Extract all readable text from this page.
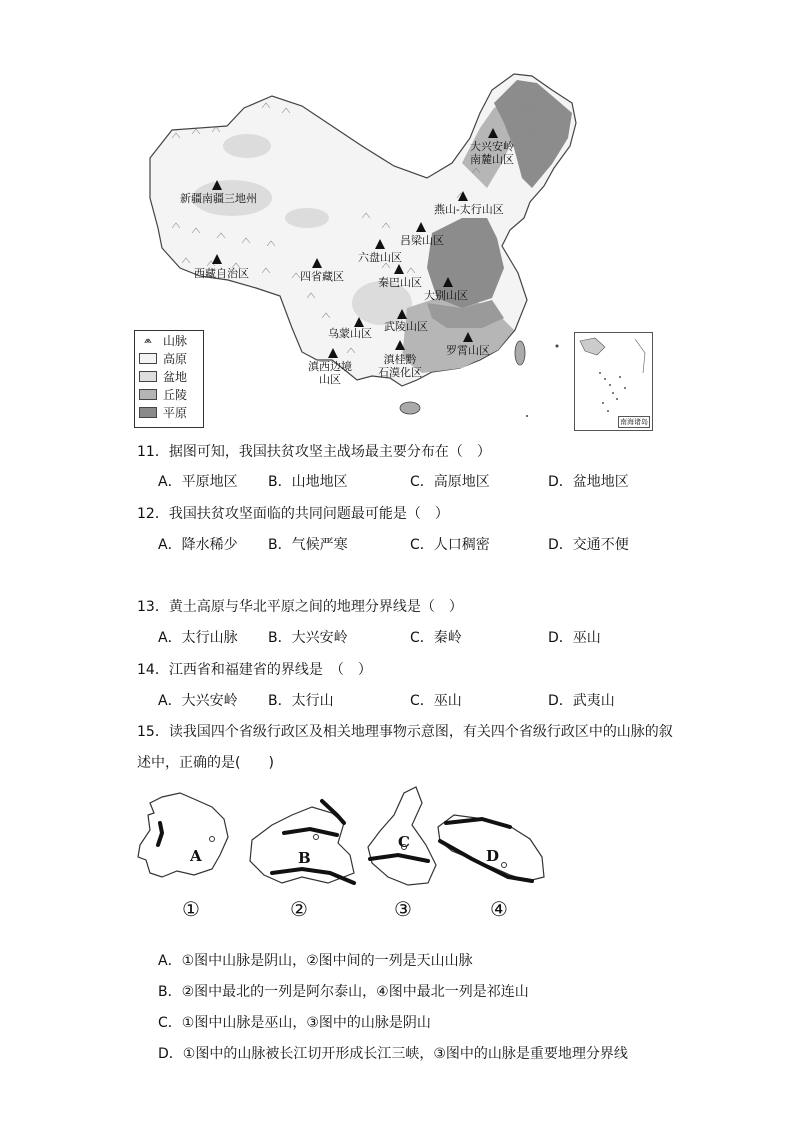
大兴安岭
南麓山区
新疆南疆三地州
燕山-太行山区
吕梁山区
六盘山区
西藏自治区	四省藏区	秦巴山区
大别山区
乌蒙山区
武陵山区
滇西边境
山区
滇桂黔
石漠化区
罗霄山区
⩕ 山脉
高原
盆地
丘陵
平原
南海诸岛
11．据图可知，我国扶贫攻坚主战场最主要分布在（　）
A．平原地区 B．山地地区	C．高原地区	D．盆地地区
12．我国扶贫攻坚面临的共同问题最可能是（　）
A．降水稀少 B．气候严寒	C．人口稠密	D．交通不便
13．黄土高原与华北平原之间的地理分界线是（　）
A．太行山脉 B．大兴安岭	C．秦岭	D．巫山
14．江西省和福建省的界线是　（　）
A．大兴安岭 B．太行山	C．巫山	D．武夷山
15．读我国四个省级行政区及相关地理事物示意图，有关四个省级行政区中的山脉的叙
述中，正确的是(　　)
A	B
C
D
①	②	③	④
A．①图中山脉是阴山，②图中间的一列是天山山脉
B．②图中最北的一列是阿尔泰山，④图中最北一列是祁连山
C．①图中山脉是巫山，③图中的山脉是阴山
D．①图中的山脉被长江切开形成长江三峡，③图中的山脉是重要地理分界线
